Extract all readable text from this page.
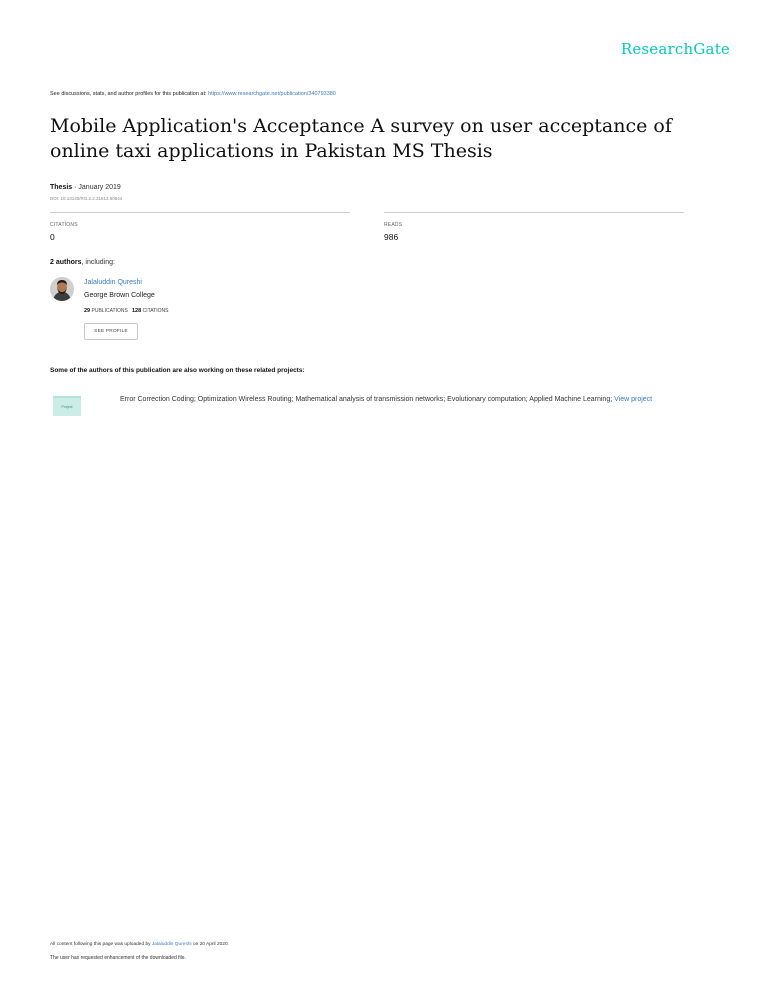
ResearchGate
See discussions, stats, and author profiles for this publication at: https://www.researchgate.net/publication/340793380
Mobile Application's Acceptance A survey on user acceptance of online taxi applications in Pakistan MS Thesis
Thesis · January 2019
DOI: 10.13140/RG.2.2.31813.60644
CITATIONS
0
READS
986
2 authors, including:
Jalaluddin Qureshi
George Brown College
29 PUBLICATIONS 128 CITATIONS
SEE PROFILE
Some of the authors of this publication are also working on these related projects:
Project
Error Correction Coding; Optimization Wireless Routing; Mathematical analysis of transmission networks; Evolutionary computation; Applied Machine Learning; View project
All content following this page was uploaded by Jalaluddin Qureshi on 20 April 2020.
The user has requested enhancement of the downloaded file.
